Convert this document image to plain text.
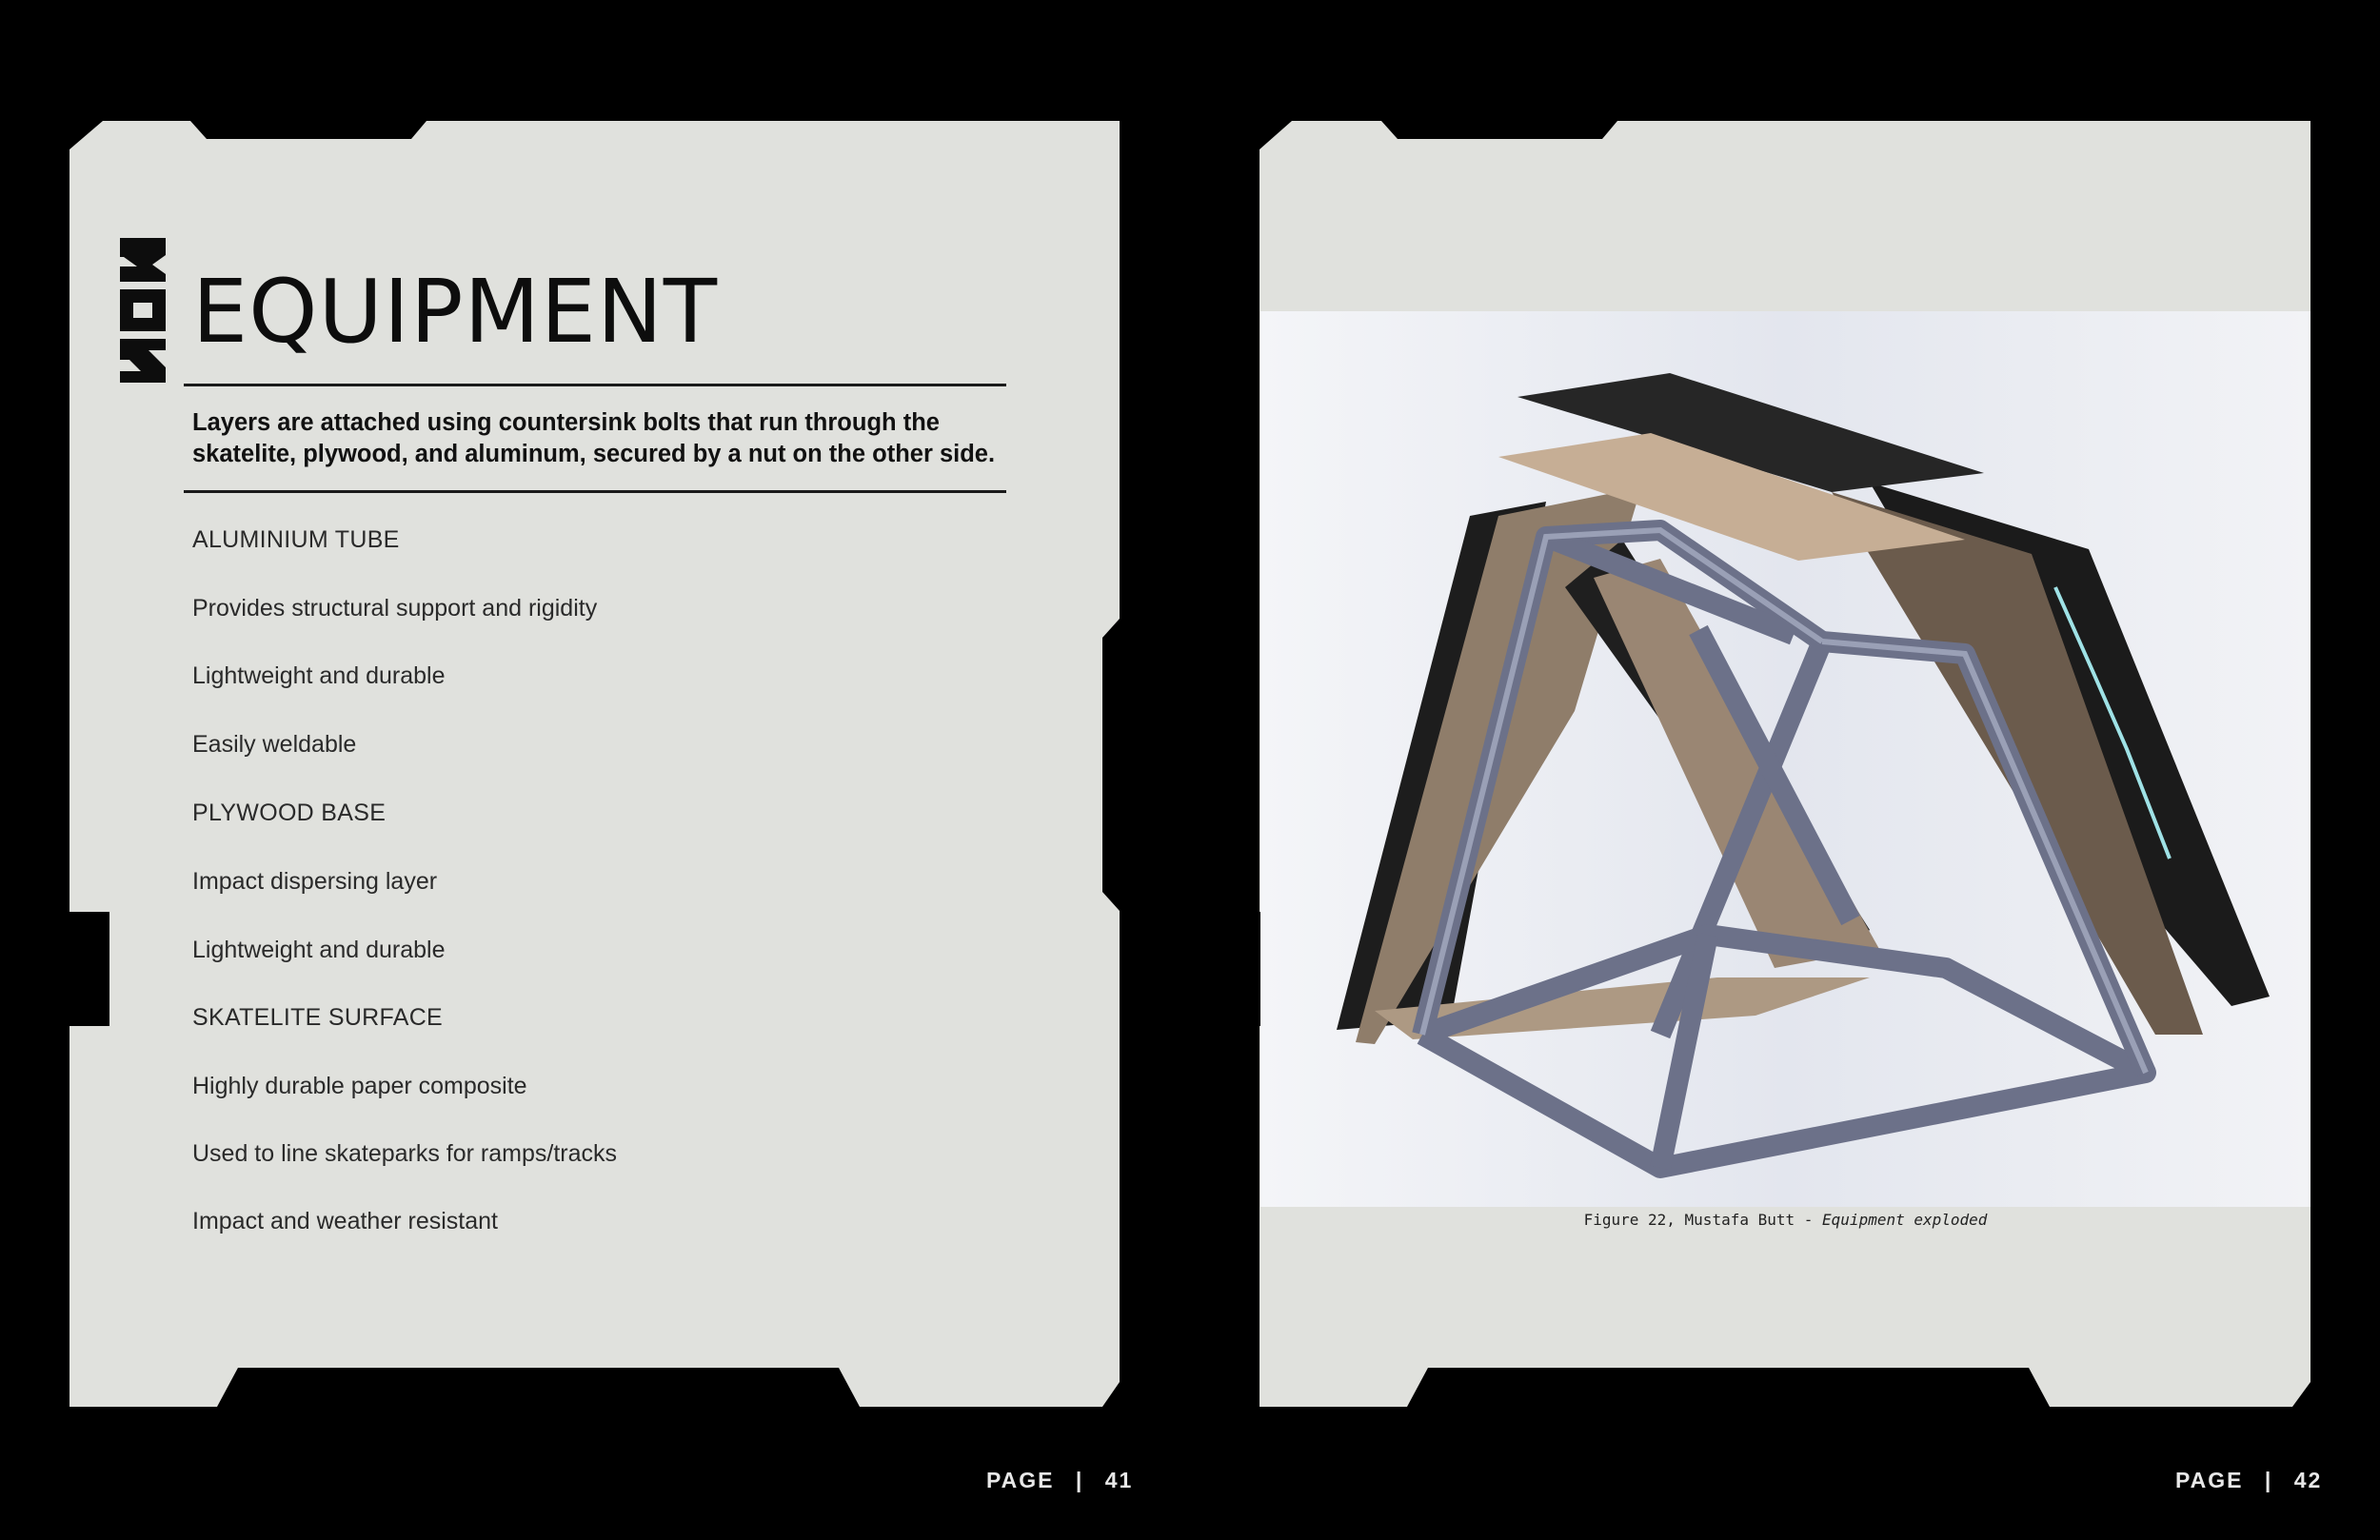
EQUIPMENT

Layers are attached using countersink bolts that run through the skatelite, plywood, and aluminum, secured by a nut on the other side.

ALUMINIUM TUBE
Provides structural support and rigidity
Lightweight and durable
Easily weldable
PLYWOOD BASE
Impact dispersing layer
Lightweight and durable
SKATELITE SURFACE
Highly durable paper composite
Used to line skateparks for ramps/tracks
Impact and weather resistant	Figure 22, Mustafa Butt - Equipment exploded
PAGE | 41	PAGE | 42
